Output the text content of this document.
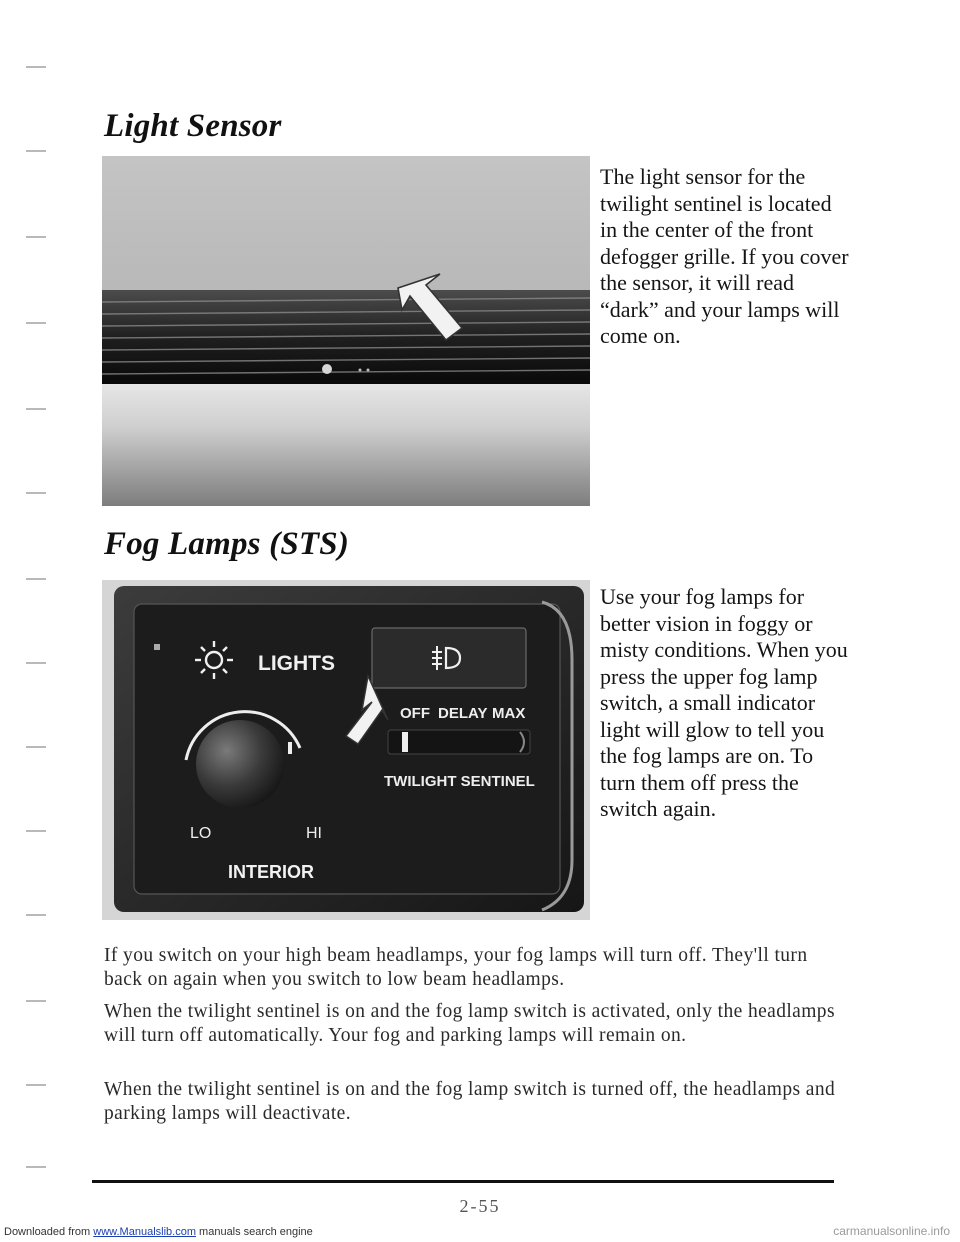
Light Sensor

The light sensor for the twilight sentinel is located in the center of the front defogger grille. If you cover the sensor, it will read “dark” and your lamps will come on.

Fog Lamps (STS)
LIGHTS
LO	HI
INTERIOR
OFF DELAY MAX
TWILIGHT SENTINEL

Use your fog lamps for better vision in foggy or misty conditions. When you press the upper fog lamp switch, a small indicator light will glow to tell you the fog lamps are on. To turn them off press the switch again.

If you switch on your high beam headlamps, your fog lamps will turn off. They'll turn back on again when you switch to low beam headlamps.

When the twilight sentinel is on and the fog lamp switch is activated, only the headlamps will turn off automatically. Your fog and parking lamps will remain on.

When the twilight sentinel is on and the fog lamp switch is turned off, the headlamps and parking lamps will deactivate.

2-55

Downloaded from www.Manualslib.com manuals search engine	carmanualsonline.info
